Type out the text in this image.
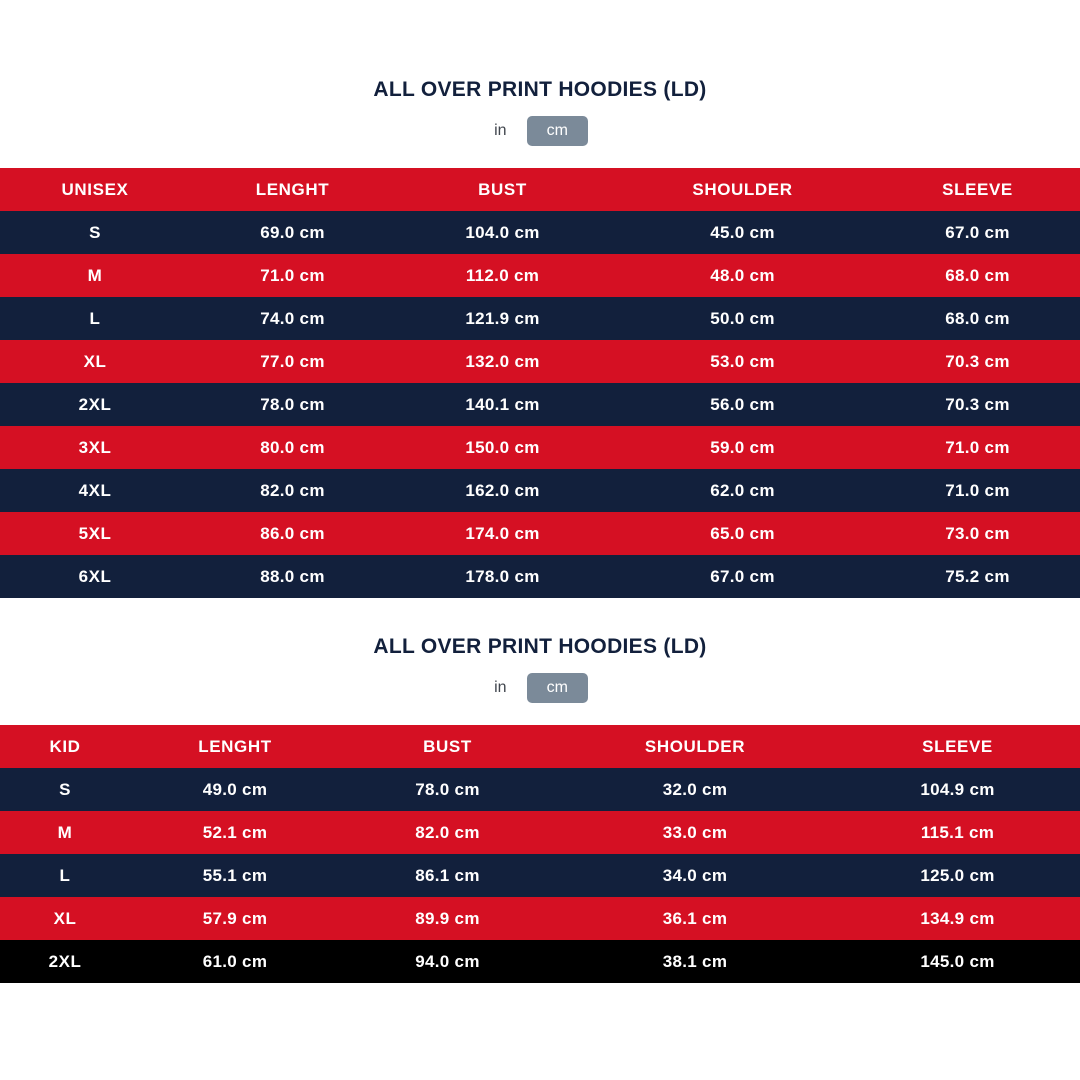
ALL OVER PRINT HOODIES (LD)
in	cm
UNISEX	LENGHT	BUST	SHOULDER	SLEEVE
S	69.0 cm	104.0 cm	45.0 cm	67.0 cm
M	71.0 cm	112.0 cm	48.0 cm	68.0 cm
L	74.0 cm	121.9 cm	50.0 cm	68.0 cm
XL	77.0 cm	132.0 cm	53.0 cm	70.3 cm
2XL	78.0 cm	140.1 cm	56.0 cm	70.3 cm
3XL	80.0 cm	150.0 cm	59.0 cm	71.0 cm
4XL	82.0 cm	162.0 cm	62.0 cm	71.0 cm
5XL	86.0 cm	174.0 cm	65.0 cm	73.0 cm
6XL	88.0 cm	178.0 cm	67.0 cm	75.2 cm
ALL OVER PRINT HOODIES (LD)
in	cm
KID	LENGHT	BUST	SHOULDER	SLEEVE
S	49.0 cm	78.0 cm	32.0 cm	104.9 cm
M	52.1 cm	82.0 cm	33.0 cm	115.1 cm
L	55.1 cm	86.1 cm	34.0 cm	125.0 cm
XL	57.9 cm	89.9 cm	36.1 cm	134.9 cm
2XL	61.0 cm	94.0 cm	38.1 cm	145.0 cm
